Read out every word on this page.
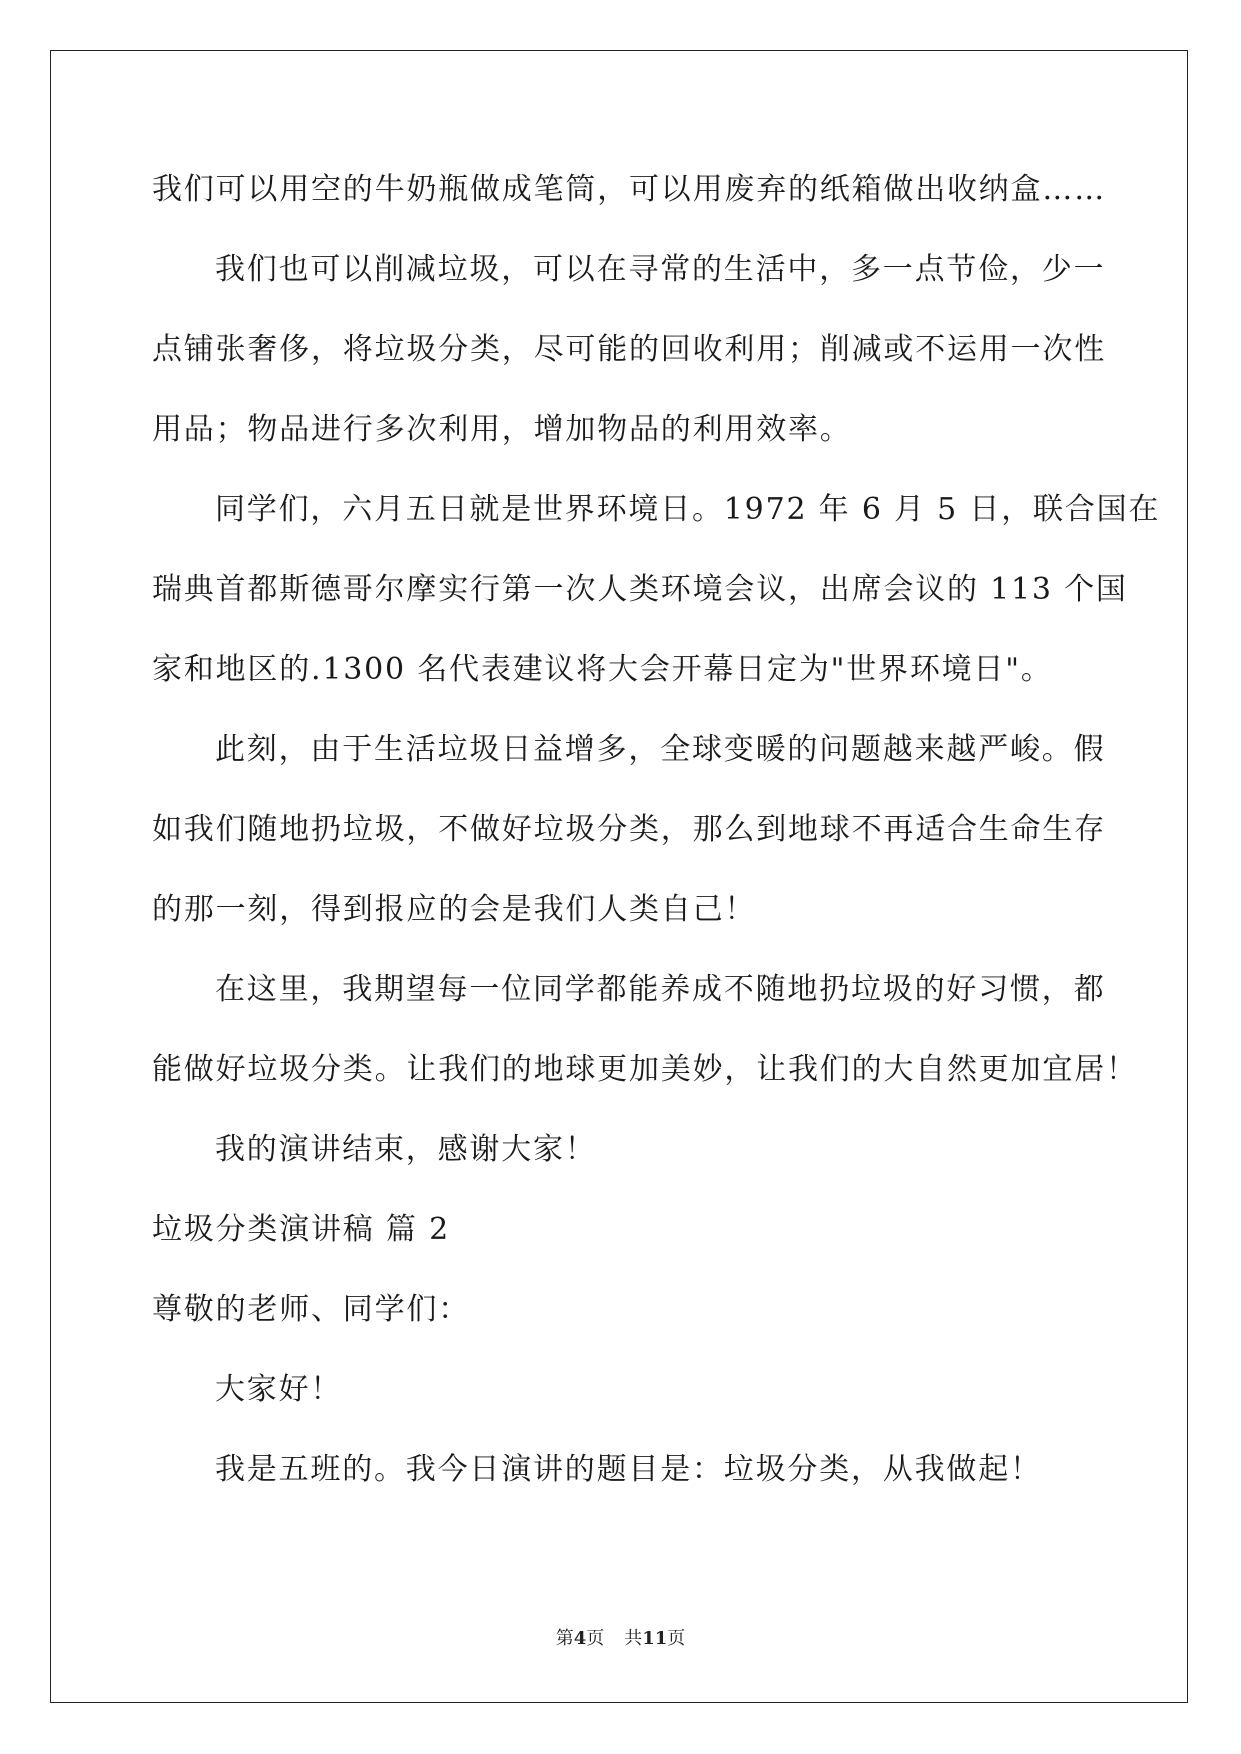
我们可以用空的牛奶瓶做成笔筒，可以用废弃的纸箱做出收纳盒……
我们也可以削减垃圾，可以在寻常的生活中，多一点节俭，少一
点铺张奢侈，将垃圾分类，尽可能的回收利用；削减或不运用一次性
用品；物品进行多次利用，增加物品的利用效率。
同学们，六月五日就是世界环境日。1972 年 6 月 5 日，联合国在
瑞典首都斯德哥尔摩实行第一次人类环境会议，出席会议的 113 个国
家和地区的.1300 名代表建议将大会开幕日定为"世界环境日"。
此刻，由于生活垃圾日益增多，全球变暖的问题越来越严峻。假
如我们随地扔垃圾，不做好垃圾分类，那么到地球不再适合生命生存
的那一刻，得到报应的会是我们人类自己！
在这里，我期望每一位同学都能养成不随地扔垃圾的好习惯，都
能做好垃圾分类。让我们的地球更加美妙，让我们的大自然更加宜居！
我的演讲结束，感谢大家！
垃圾分类演讲稿 篇 2
尊敬的老师、同学们：
大家好！
我是五班的。我今日演讲的题目是：垃圾分类，从我做起！
第4页 共11页
